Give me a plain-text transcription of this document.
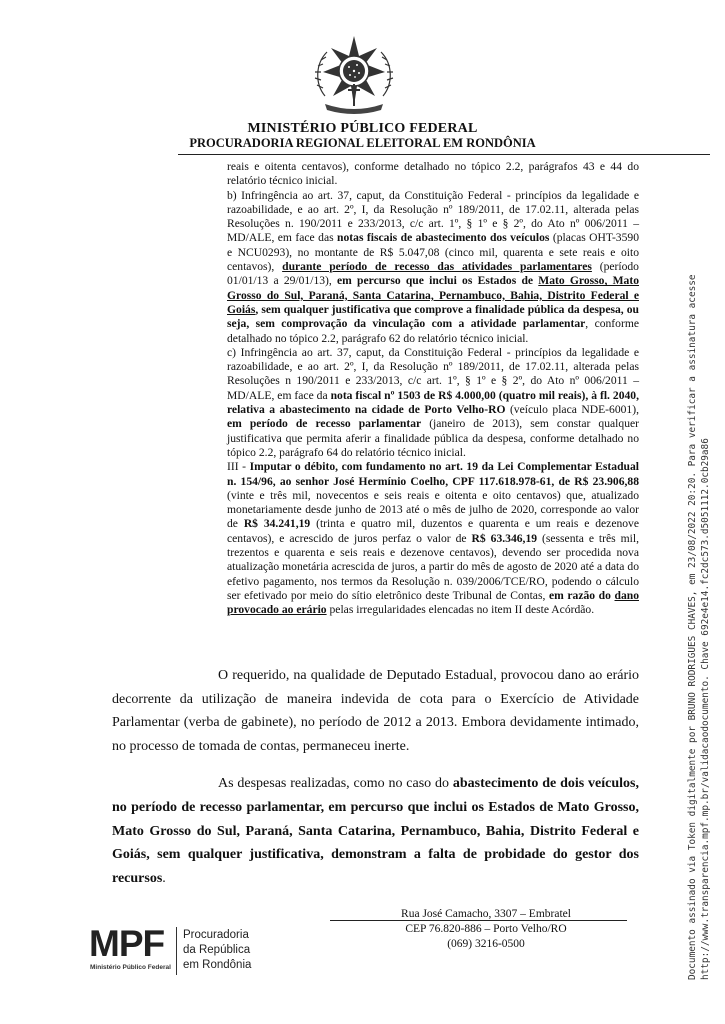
MINISTÉRIO PÚBLICO FEDERAL
PROCURADORIA REGIONAL ELEITORAL EM RONDÔNIA

reais e oitenta centavos), conforme detalhado no tópico 2.2, parágrafos 43 e 44 do relatório técnico inicial.

b) Infringência ao art. 37, caput, da Constituição Federal - princípios da legalidade e razoabilidade, e ao art. 2º, I, da Resolução nº 189/2011, de 17.02.11, alterada pelas Resoluções n. 190/2011 e 233/2013, c/c art. 1º, § 1º e § 2º, do Ato nº 006/2011 – MD/ALE, em face das notas fiscais de abastecimento dos veículos (placas OHT-3590 e NCU0293), no montante de R$ 5.047,08 (cinco mil, quarenta e sete reais e oito centavos), durante período de recesso das atividades parlamentares (período 01/01/13 a 29/01/13), em percurso que inclui os Estados de Mato Grosso, Mato Grosso do Sul, Paraná, Santa Catarina, Pernambuco, Bahia, Distrito Federal e Goiás, sem qualquer justificativa que comprove a finalidade pública da despesa, ou seja, sem comprovação da vinculação com a atividade parlamentar, conforme detalhado no tópico 2.2, parágrafo 62 do relatório técnico inicial.

c) Infringência ao art. 37, caput, da Constituição Federal - princípios da legalidade e razoabilidade, e ao art. 2º, I, da Resolução nº 189/2011, de 17.02.11, alterada pelas Resoluções n 190/2011 e 233/2013, c/c art. 1º, § 1º e § 2º, do Ato nº 006/2011 – MD/ALE, em face da nota fiscal nº 1503 de R$ 4.000,00 (quatro mil reais), à fl. 2040, relativa a abastecimento na cidade de Porto Velho-RO (veículo placa NDE-6001), em período de recesso parlamentar (janeiro de 2013), sem constar qualquer justificativa que permita aferir a finalidade pública da despesa, conforme detalhado no tópico 2.2, parágrafo 64 do relatório técnico inicial.

III - Imputar o débito, com fundamento no art. 19 da Lei Complementar Estadual n. 154/96, ao senhor José Hermínio Coelho, CPF 117.618.978-61, de R$ 23.906,88 (vinte e três mil, novecentos e seis reais e oitenta e oito centavos) que, atualizado monetariamente desde junho de 2013 até o mês de julho de 2020, corresponde ao valor de R$ 34.241,19 (trinta e quatro mil, duzentos e quarenta e um reais e dezenove centavos), e acrescido de juros perfaz o valor de R$ 63.346,19 (sessenta e três mil, trezentos e quarenta e seis reais e dezenove centavos), devendo ser procedida nova atualização monetária acrescida de juros, a partir do mês de agosto de 2020 até a data do efetivo pagamento, nos termos da Resolução n. 039/2006/TCE/RO, podendo o cálculo ser efetivado por meio do sítio eletrônico deste Tribunal de Contas, em razão do dano provocado ao erário pelas irregularidades elencadas no item II deste Acórdão.

O requerido, na qualidade de Deputado Estadual, provocou dano ao erário decorrente da utilização de maneira indevida de cota para o Exercício de Atividade Parlamentar (verba de gabinete), no período de 2012 a 2013. Embora devidamente intimado, no processo de tomada de contas, permaneceu inerte.

As despesas realizadas, como no caso do abastecimento de dois veículos, no período de recesso parlamentar, em percurso que inclui os Estados de Mato Grosso, Mato Grosso do Sul, Paraná, Santa Catarina, Pernambuco, Bahia, Distrito Federal e Goiás, sem qualquer justificativa, demonstram a falta de probidade do gestor dos recursos.

Rua José Camacho, 3307 – Embratel
CEP 76.820-886 – Porto Velho/RO
(069) 3216-0500
MPF
Ministério Público Federal
Procuradoria
da República
em Rondônia	Documento assinado via Token digitalmente por BRUNO RODRIGUES CHAVES, em 23/08/2022 20:20. Para verificar a assinatura acesse http://www.transparencia.mpf.mp.br/validacaodocumento. Chave 692e4e14.fc2dc573.d5051112.0cb29a86
